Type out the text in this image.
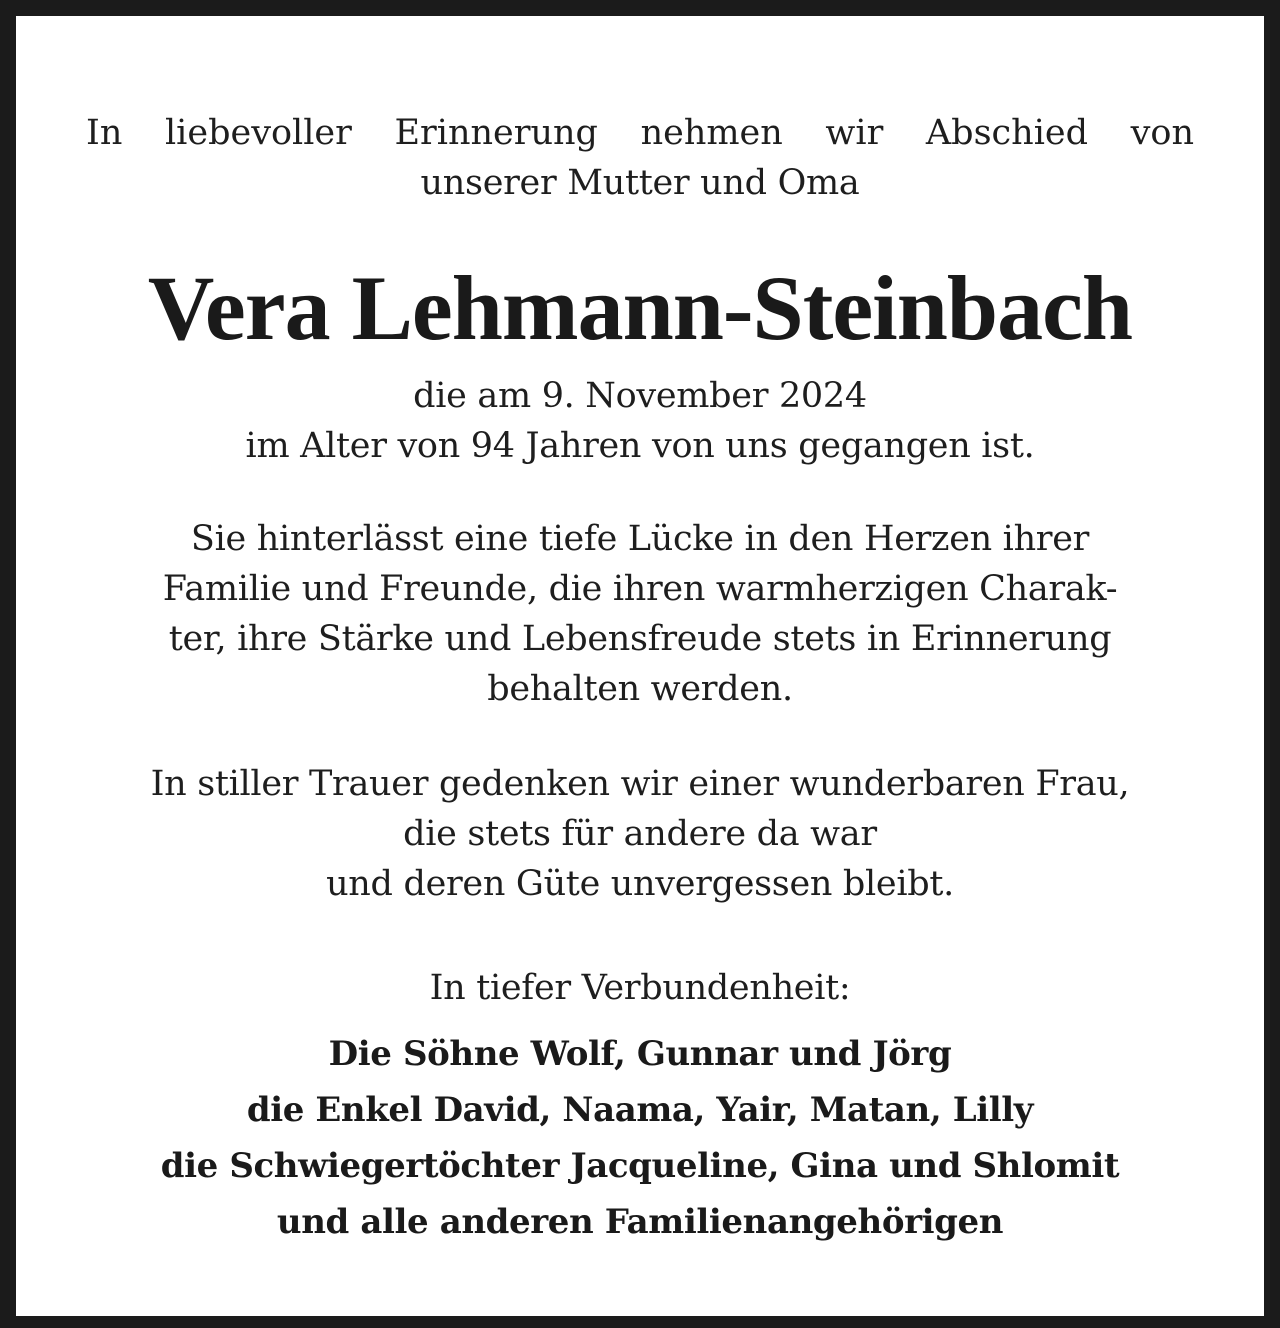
In liebevoller Erinnerung nehmen wir Abschied von
unserer Mutter und Oma
Vera Lehmann-Steinbach
die am 9. November 2024
im Alter von 94 Jahren von uns gegangen ist.
Sie hinterlässt eine tiefe Lücke in den Herzen ihrer
Familie und Freunde, die ihren warmherzigen Charak-
ter, ihre Stärke und Lebensfreude stets in Erinnerung
behalten werden.
In stiller Trauer gedenken wir einer wunderbaren Frau,
die stets für andere da war
und deren Güte unvergessen bleibt.
In tiefer Verbundenheit:
Die Söhne Wolf, Gunnar und Jörg
die Enkel David, Naama, Yair, Matan, Lilly
die Schwiegertöchter Jacqueline, Gina und Shlomit
und alle anderen Familienangehörigen
